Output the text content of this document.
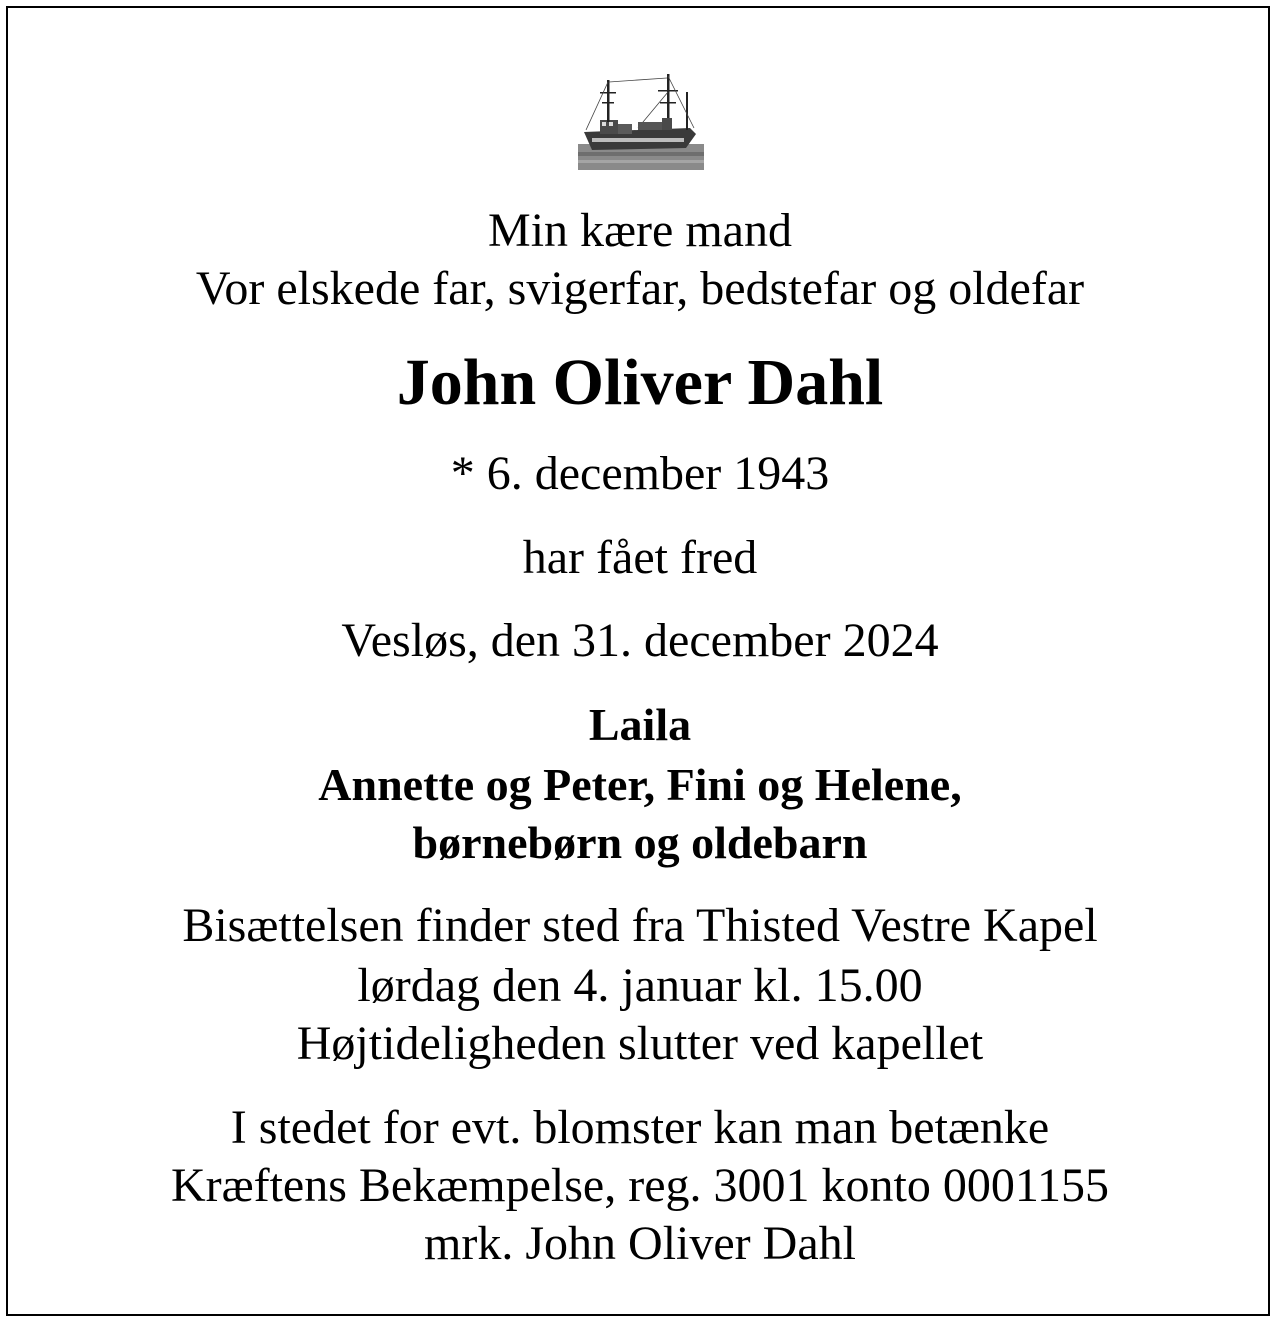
Min kære mand
Vor elskede far, svigerfar, bedstefar og oldefar
John Oliver Dahl
* 6. december 1943
har fået fred
Vesløs, den 31. december 2024
Laila
Annette og Peter, Fini og Helene,
børnebørn og oldebarn
Bisættelsen finder sted fra Thisted Vestre Kapel
lørdag den 4. januar kl. 15.00
Højtideligheden slutter ved kapellet
I stedet for evt. blomster kan man betænke
Kræftens Bekæmpelse, reg. 3001 konto 0001155
mrk. John Oliver Dahl
